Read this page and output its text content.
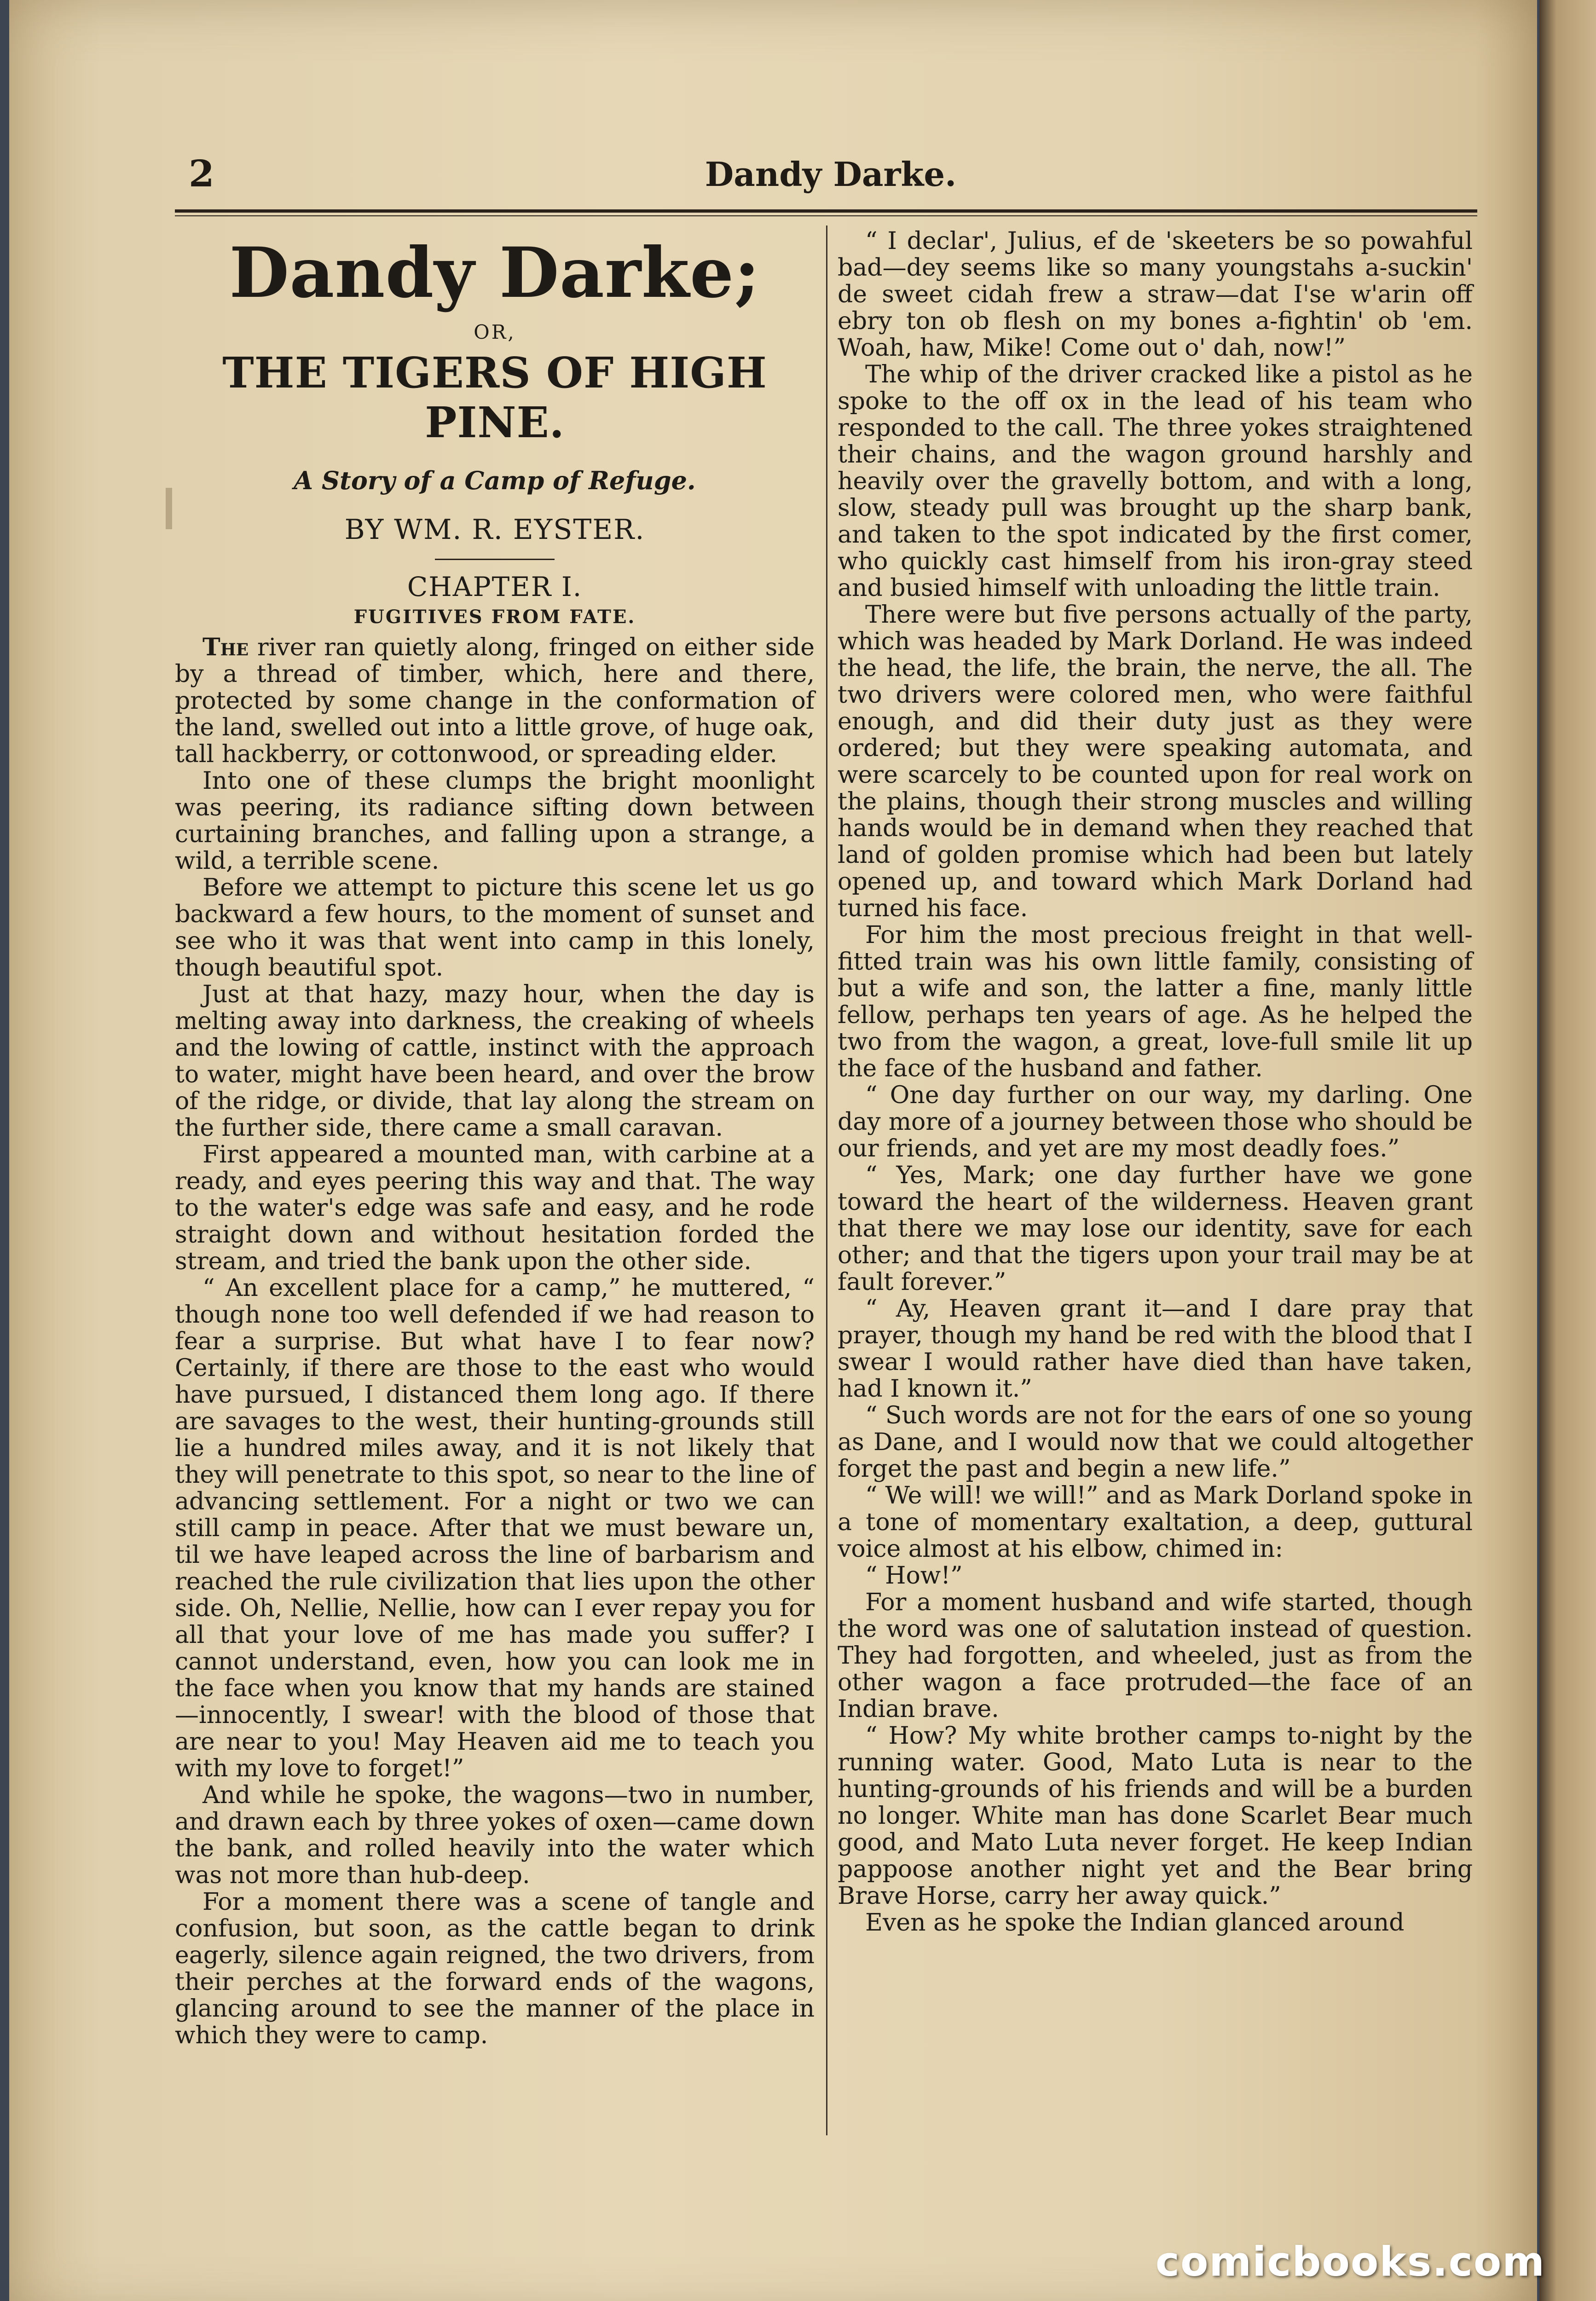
2	Dandy Darke.
Dandy Darke;
OR,
THE TIGERS OF HIGH PINE.
A Story of a Camp of Refuge.
BY WM. R. EYSTER.
CHAPTER I.
FUGITIVES FROM FATE.

The river ran quietly along, fringed on either side by a thread of timber, which, here and there, protected by some change in the conformation of the land, swelled out into a little grove, of huge oak, tall hackberry, or cottonwood, or spreading elder.

Into one of these clumps the bright moonlight was peering, its radiance sifting down between curtaining branches, and falling upon a strange, a wild, a terrible scene.

Before we attempt to picture this scene let us go backward a few hours, to the moment of sunset and see who it was that went into camp in this lonely, though beautiful spot.

Just at that hazy, mazy hour, when the day is melting away into darkness, the creaking of wheels and the lowing of cattle, instinct with the approach to water, might have been heard, and over the brow of the ridge, or divide, that lay along the stream on the further side, there came a small caravan.

First appeared a mounted man, with carbine at a ready, and eyes peering this way and that. The way to the water's edge was safe and easy, and he rode straight down and without hesitation forded the stream, and tried the bank upon the other side.

“ An excellent place for a camp,” he muttered, “ though none too well defended if we had reason to fear a surprise. But what have I to fear now? Certainly, if there are those to the east who would have pursued, I distanced them long ago. If there are savages to the west, their hunting-grounds still lie a hundred miles away, and it is not likely that they will penetrate to this spot, so near to the line of advancing settlement. For a night or two we can still camp in peace. After that we must beware un, til we have leaped across the line of barbarism and reached the rule civilization that lies upon the other side. Oh, Nellie, Nellie, how can I ever repay you for all that your love of me has made you suffer? I cannot understand, even, how you can look me in the face when you know that my hands are stained—innocently, I swear! with the blood of those that are near to you! May Heaven aid me to teach you with my love to forget!”

And while he spoke, the wagons—two in number, and drawn each by three yokes of oxen—came down the bank, and rolled heavily into the water which was not more than hub-deep.

For a moment there was a scene of tangle and confusion, but soon, as the cattle began to drink eagerly, silence again reigned, the two drivers, from their perches at the forward ends of the wagons, glancing around to see the manner of the place in which they were to camp.

“ I declar', Julius, ef de 'skeeters be so powahful bad—dey seems like so many youngstahs a-suckin' de sweet cidah frew a straw—dat I'se w'arin off ebry ton ob flesh on my bones a-fightin' ob 'em. Woah, haw, Mike! Come out o' dah, now!”

The whip of the driver cracked like a pistol as he spoke to the off ox in the lead of his team who responded to the call. The three yokes straightened their chains, and the wagon ground harshly and heavily over the gravelly bottom, and with a long, slow, steady pull was brought up the sharp bank, and taken to the spot indicated by the first comer, who quickly cast himself from his iron-gray steed and busied himself with unloading the little train.

There were but five persons actually of the party, which was headed by Mark Dorland. He was indeed the head, the life, the brain, the nerve, the all. The two drivers were colored men, who were faithful enough, and did their duty just as they were ordered; but they were speaking automata, and were scarcely to be counted upon for real work on the plains, though their strong muscles and willing hands would be in demand when they reached that land of golden promise which had been but lately opened up, and toward which Mark Dorland had turned his face.

For him the most precious freight in that well-fitted train was his own little family, consisting of but a wife and son, the latter a fine, manly little fellow, perhaps ten years of age. As he helped the two from the wagon, a great, love-full smile lit up the face of the husband and father.

“ One day further on our way, my darling. One day more of a journey between those who should be our friends, and yet are my most deadly foes.”

“ Yes, Mark; one day further have we gone toward the heart of the wilderness. Heaven grant that there we may lose our identity, save for each other; and that the tigers upon your trail may be at fault forever.”

“ Ay, Heaven grant it—and I dare pray that prayer, though my hand be red with the blood that I swear I would rather have died than have taken, had I known it.”

“ Such words are not for the ears of one so young as Dane, and I would now that we could altogether forget the past and begin a new life.”

“ We will! we will!” and as Mark Dorland spoke in a tone of momentary exaltation, a deep, guttural voice almost at his elbow, chimed in:

“ How!”

For a moment husband and wife started, though the word was one of salutation instead of question. They had forgotten, and wheeled, just as from the other wagon a face protruded—the face of an Indian brave.

“ How? My white brother camps to-night by the running water. Good, Mato Luta is near to the hunting-grounds of his friends and will be a burden no longer. White man has done Scarlet Bear much good, and Mato Luta never forget. He keep Indian pappoose another night yet and the Bear bring Brave Horse, carry her away quick.”

Even as he spoke the Indian glanced around

comicbooks.com
